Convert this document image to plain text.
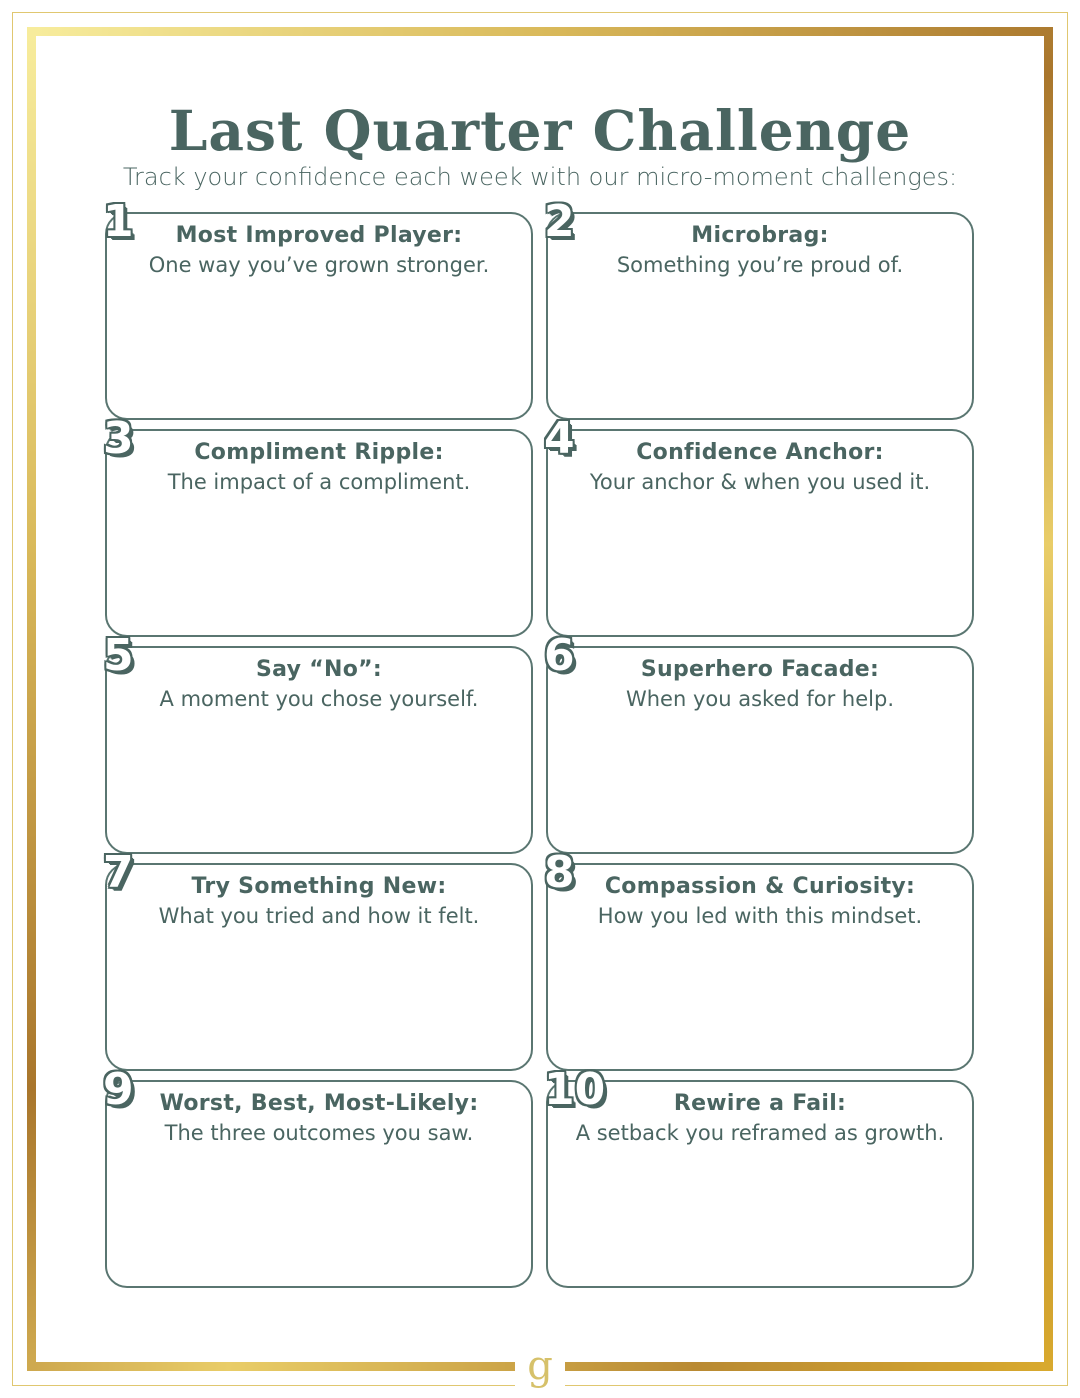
Last Quarter Challenge

Track your confidence each week with our micro-moment challenges:

1	Most Improved Player:
One way you’ve grown stronger.
2	Microbrag:
Something you’re proud of.
3	Compliment Ripple:
The impact of a compliment.
4	Confidence Anchor:
Your anchor & when you used it.
5	Say “No”:
A moment you chose yourself.
6	Superhero Facade:
When you asked for help.
7	Try Something New:
What you tried and how it felt.
8	Compassion & Curiosity:
How you led with this mindset.
9	Worst, Best, Most-Likely:
The three outcomes you saw.
10	Rewire a Fail:
A setback you reframed as growth.
g
